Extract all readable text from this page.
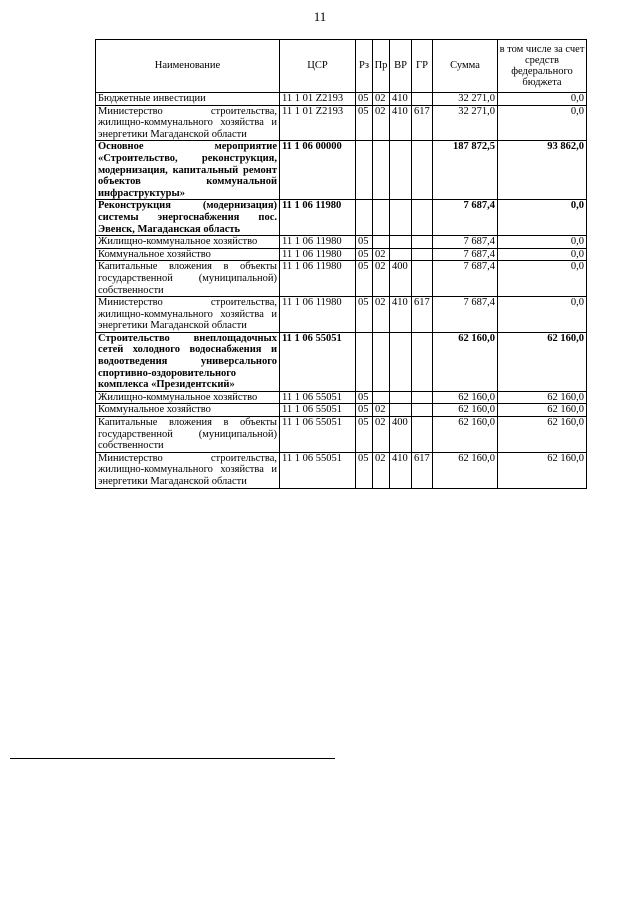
11
Наименование	ЦСР	Рз	Пр	ВР	ГР	Сумма	в том числе за счет средств федерального бюджета
Бюджетные инвестиции	11 1 01 Z2193	05	02	410		32 271,0	0,0
Министерство строительства, жилищно-коммунального хозяйства и энергетики Магаданской области	11 1 01 Z2193	05	02	410	617	32 271,0	0,0
Основное мероприятие «Строительство, реконструкция, модернизация, капитальный ремонт объектов коммунальной инфраструктуры»	11 1 06 00000					187 872,5	93 862,0
Реконструкция (модернизация) системы энергоснабжения пос. Эвенск, Магаданская область	11 1 06 11980					7 687,4	0,0
Жилищно-коммунальное хозяйство	11 1 06 11980	05				7 687,4	0,0
Коммунальное хозяйство	11 1 06 11980	05	02			7 687,4	0,0
Капитальные вложения в объекты государственной (муниципальной) собственности	11 1 06 11980	05	02	400		7 687,4	0,0
Министерство строительства, жилищно-коммунального хозяйства и энергетики Магаданской области	11 1 06 11980	05	02	410	617	7 687,4	0,0
Строительство внеплощадочных сетей холодного водоснабжения и водоотведения универсального спортивно-оздоровительного комплекса «Президентский»	11 1 06 55051					62 160,0	62 160,0
Жилищно-коммунальное хозяйство	11 1 06 55051	05				62 160,0	62 160,0
Коммунальное хозяйство	11 1 06 55051	05	02			62 160,0	62 160,0
Капитальные вложения в объекты государственной (муниципальной) собственности	11 1 06 55051	05	02	400		62 160,0	62 160,0
Министерство строительства, жилищно-коммунального хозяйства и энергетики Магаданской области	11 1 06 55051	05	02	410	617	62 160,0	62 160,0
